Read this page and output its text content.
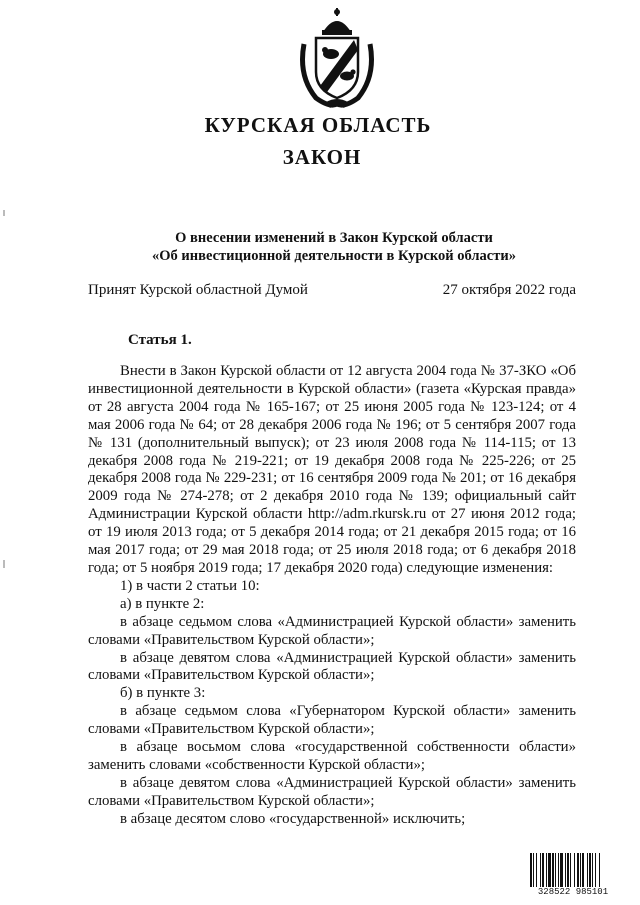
КУРСКАЯ ОБЛАСТЬ
ЗАКОН
О внесении изменений в Закон Курской области
«Об инвестиционной деятельности в Курской области»
Принят Курской областной Думой	27 октября 2022 года
Статья 1.

Внести в Закон Курской области от 12 августа 2004 года № 37-ЗКО «Об инвестиционной деятельности в Курской области» (газета «Курская правда» от 28 августа 2004 года № 165-167; от 25 июня 2005 года № 123-124; от 4 мая 2006 года № 64; от 28 декабря 2006 года № 196; от 5 сентября 2007 года № 131 (дополнительный выпуск); от 23 июля 2008 года № 114-115; от 13 декабря 2008 года № 219-221; от 19 декабря 2008 года № 225-226; от 25 декабря 2008 года № 229-231; от 16 сентября 2009 года № 201; от 16 декабря 2009 года № 274-278; от 2 декабря 2010 года № 139; официальный сайт Администрации Курской области http://adm.rkursk.ru от 27 июня 2012 года; от 19 июля 2013 года; от 5 декабря 2014 года; от 21 декабря 2015 года; от 16 мая 2017 года; от 29 мая 2018 года; от 25 июля 2018 года; от 6 декабря 2018 года; от 5 ноября 2019 года; 17 декабря 2020 года) следующие изменения:

1) в части 2 статьи 10:

а) в пункте 2:

в абзаце седьмом слова «Администрацией Курской области» заменить словами «Правительством Курской области»;

в абзаце девятом слова «Администрацией Курской области» заменить словами «Правительством Курской области»;

б) в пункте 3:

в абзаце седьмом слова «Губернатором Курской области» заменить словами «Правительством Курской области»;

в абзаце восьмом слова «государственной собственности области» заменить словами «собственности Курской области»;

в абзаце девятом слова «Администрацией Курской области» заменить словами «Правительством Курской области»;

в абзаце десятом слово «государственной» исключить;

328522 985101
